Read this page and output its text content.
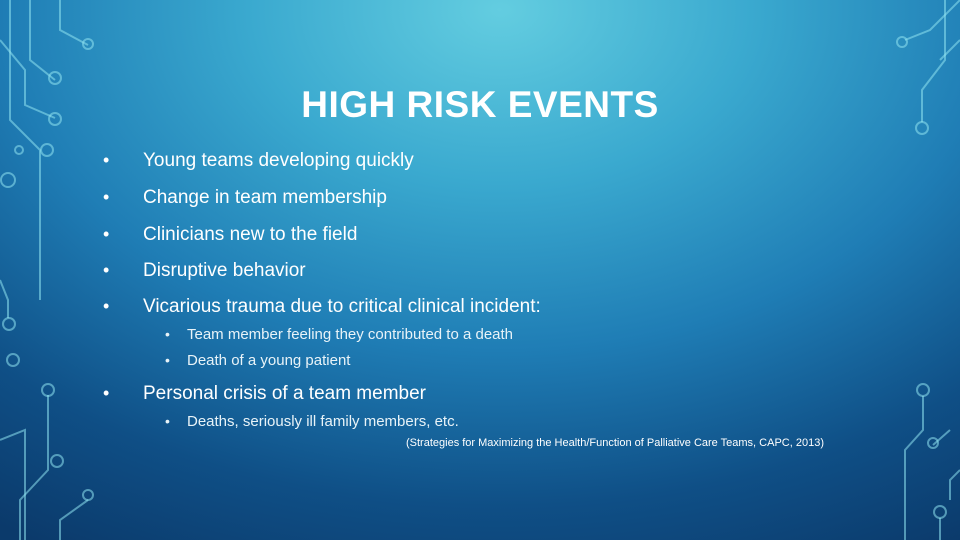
HIGH RISK EVENTS
•	Young teams developing quickly
•	Change in team membership
•	Clinicians new to the field
•	Disruptive behavior
•	Vicarious trauma due to critical clinical incident:
•	Team member feeling they contributed to a death
•	Death of a young patient
•	Personal crisis of a team member
•	Deaths, seriously ill family members, etc.
(Strategies for Maximizing the Health/Function of Palliative Care Teams, CAPC, 2013)
